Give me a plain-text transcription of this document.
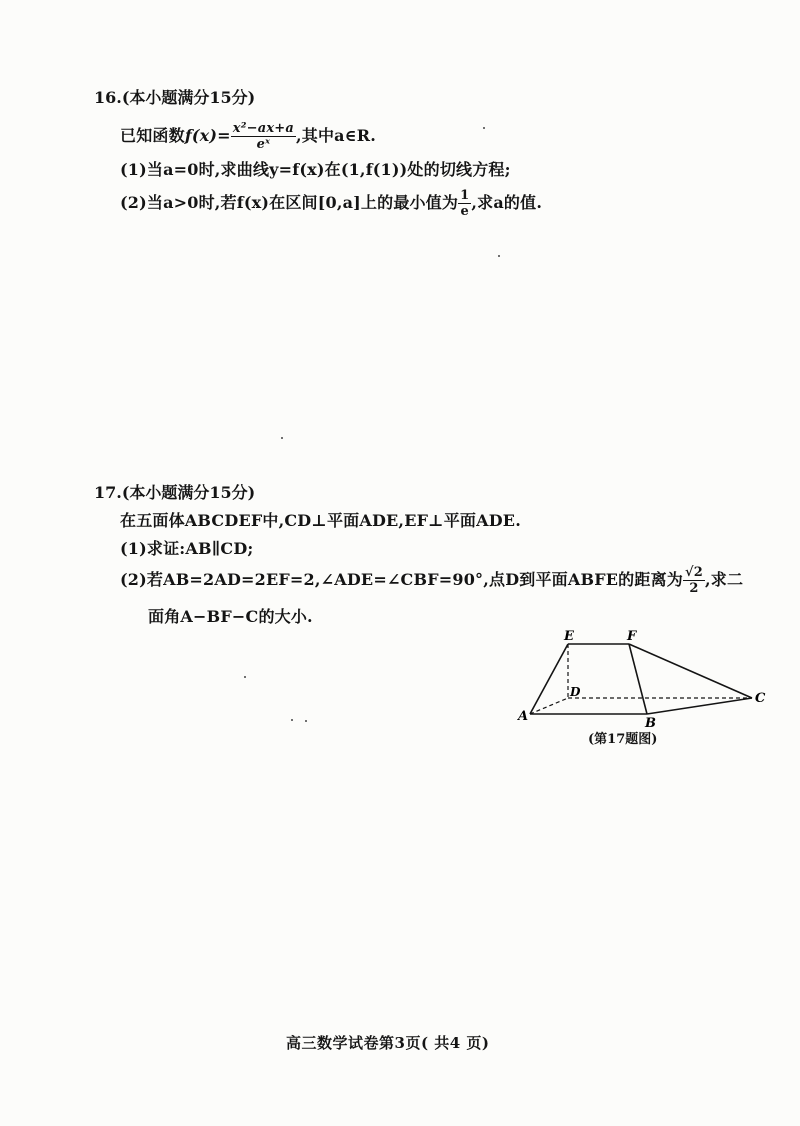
16.(本小题满分15分)
已知函数$f(x)= \frac{\text{x²−ax+a}}{\text{eˣ}}$ ,其中a∈R.
(1)当a=0时,求曲线y=f(x)在(1,f(1))处的切线方程;
(2)当a>0时,若f(x)在区间[0,a]上的最小值为 $\frac{1}{e}$ ,求a的值.
17.(本小题满分15分)
在五面体ABCDEF中,CD⊥平面ADE,EF⊥平面ADE.
(1)求证:AB∥CD;
(2)若AB=2AD=2EF=2,∠ADE=∠CBF=90°,点D到平面ABFE的距离为 $\frac{√2}{2}$ ,求二
面角A−BF−C的大小.
E	F
D
A	B
C
(第17题图)
高三数学试卷第3页( 共4 页)
